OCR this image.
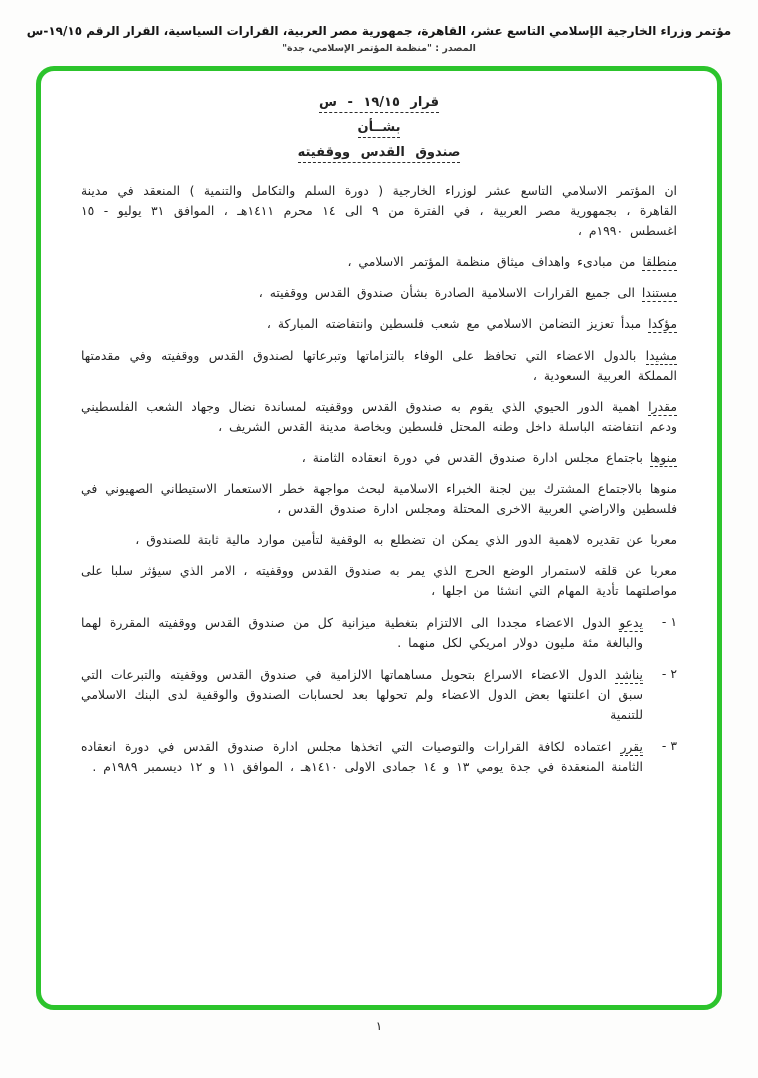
مؤتمر وزراء الخارجية الإسلامي التاسع عشر، القاهرة، جمهورية مصر العربية، القرارات السياسية، القرار الرقم ١٩/١٥-س
المصدر : "منظمة المؤتمر الإسلامي، جدة"
قرار ١٩/١٥ - س
بشــأن
صندوق القدس ووقفيته
ان المؤتمر الاسلامي التاسع عشر لوزراء الخارجية ( دورة السلم والتكامل والتنمية ) المنعقد في مدينة القاهرة ، بجمهورية مصر العربية ، في الفترة من ٩ الى ١٤ محرم ١٤١١هـ ، الموافق ٣١ يوليو - ١٥ اغسطس ١٩٩٠م ،
منطلقا من مبادىء واهداف ميثاق منظمة المؤتمر الاسلامي ،
مستندا الى جميع القرارات الاسلامية الصادرة بشأن صندوق القدس ووقفيته ،
مؤكدا مبدأ تعزيز التضامن الاسلامي مع شعب فلسطين وانتفاضته المباركة ،
مشيدا بالدول الاعضاء التي تحافظ على الوفاء بالتزاماتها وتبرعاتها لصندوق القدس ووقفيته وفي مقدمتها المملكة العربية السعودية ،
مقدرا اهمية الدور الحيوي الذي يقوم به صندوق القدس ووقفيته لمساندة نضال وجهاد الشعب الفلسطيني ودعم انتفاضته الباسلة داخل وطنه المحتل فلسطين وبخاصة مدينة القدس الشريف ،
منوها باجتماع مجلس ادارة صندوق القدس في دورة انعقاده الثامنة ،
منوها بالاجتماع المشترك بين لجنة الخبراء الاسلامية لبحث مواجهة خطر الاستعمار الاستيطاني الصهيوني في فلسطين والاراضي العربية الاخرى المحتلة ومجلس ادارة صندوق القدس ،
معربا عن تقديره لاهمية الدور الذي يمكن ان تضطلع به الوقفية لتأمين موارد مالية ثابتة للصندوق ،
معربا عن قلقه لاستمرار الوضع الحرج الذي يمر به صندوق القدس ووقفيته ، الامر الذي سيؤثر سلبا على مواصلتهما تأدية المهام التي انشئا من اجلها ،
١ -
يدعو الدول الاعضاء مجددا الى الالتزام بتغطية ميزانية كل من صندوق القدس ووقفيته المقررة لهما والبالغة مئة مليون دولار امريكي لكل منهما .
٢ -
يناشد الدول الاعضاء الاسراع بتحويل مساهماتها الالزامية في صندوق القدس ووقفيته والتبرعات التي سبق ان اعلنتها بعض الدول الاعضاء ولم تحولها بعد لحسابات الصندوق والوقفية لدى البنك الاسلامي للتنمية
٣ -
يقرر اعتماده لكافة القرارات والتوصيات التي اتخذها مجلس ادارة صندوق القدس في دورة انعقاده الثامنة المنعقدة في جدة يومي ١٣ و ١٤ جمادى الاولى ١٤١٠هـ ، الموافق ١١ و ١٢ ديسمبر ١٩٨٩م .
١
